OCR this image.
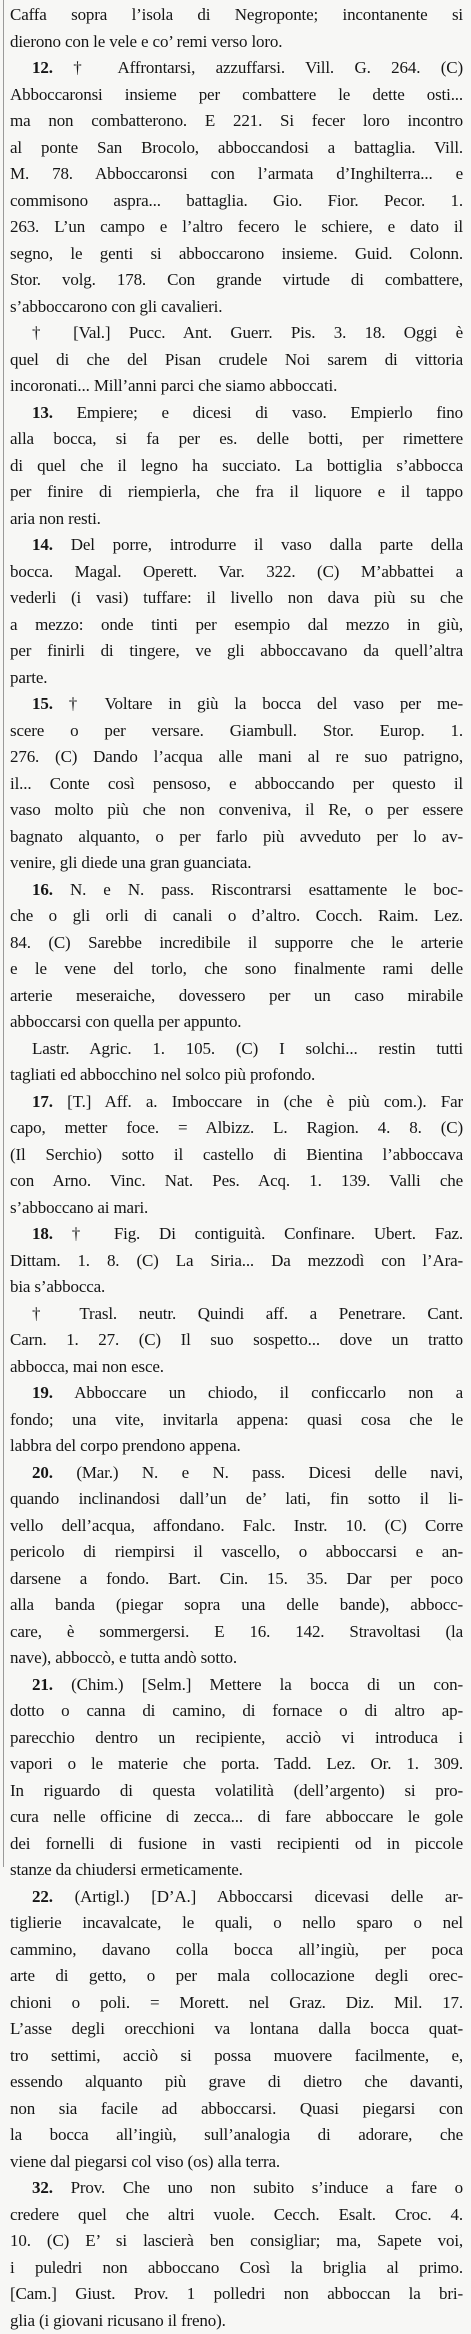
Caffa sopra l’isola di Negroponte; incontanente si
dierono con le vele e co’ remi verso loro.
12. † Affrontarsi, azzuffarsi. Vill. G. 264. (C)
Abboccaronsi insieme per combattere le dette osti...
ma non combatterono. E 221. Si fecer loro incontro
al ponte San Brocolo, abboccandosi a battaglia. Vill.
M. 78. Abboccaronsi con l’armata d’Inghilterra... e
commisono aspra... battaglia. Gio. Fior. Pecor. 1.
263. L’un campo e l’altro fecero le schiere, e dato il
segno, le genti si abboccarono insieme. Guid. Colonn.
Stor. volg. 178. Con grande virtude di combattere,
s’abboccarono con gli cavalieri.
† [Val.] Pucc. Ant. Guerr. Pis. 3. 18. Oggi è
quel di che del Pisan crudele Noi sarem di vittoria
incoronati... Mill’anni parci che siamo abboccati.
13. Empiere; e dicesi di vaso. Empierlo fino
alla bocca, si fa per es. delle botti, per rimettere
di quel che il legno ha succiato. La bottiglia s’abbocca
per finire di riempierla, che fra il liquore e il tappo
aria non resti.
14. Del porre, introdurre il vaso dalla parte della
bocca. Magal. Operett. Var. 322. (C) M’abbattei a
vederli (i vasi) tuffare: il livello non dava più su che
a mezzo: onde tinti per esempio dal mezzo in giù,
per finirli di tingere, ve gli abboccavano da quell’altra
parte.
15. † Voltare in giù la bocca del vaso per me-
scere o per versare. Giambull. Stor. Europ. 1.
276. (C) Dando l’acqua alle mani al re suo patrigno,
il... Conte così pensoso, e abboccando per questo il
vaso molto più che non conveniva, il Re, o per essere
bagnato alquanto, o per farlo più avveduto per lo av-
venire, gli diede una gran guanciata.
16. N. e N. pass. Riscontrarsi esattamente le boc-
che o gli orli di canali o d’altro. Cocch. Raim. Lez.
84. (C) Sarebbe incredibile il supporre che le arterie
e le vene del torlo, che sono finalmente rami delle
arterie meseraiche, dovessero per un caso mirabile
abboccarsi con quella per appunto.
Lastr. Agric. 1. 105. (C) I solchi... restin tutti
tagliati ed abbocchino nel solco più profondo.
17. [T.] Aff. a. Imboccare in (che è più com.). Far
capo, metter foce. = Albizz. L. Ragion. 4. 8. (C)
(Il Serchio) sotto il castello di Bientina l’abboccava
con Arno. Vinc. Nat. Pes. Acq. 1. 139. Valli che
s’abboccano ai mari.
18. † Fig. Di contiguità. Confinare. Ubert. Faz.
Dittam. 1. 8. (C) La Siria... Da mezzodì con l’Ara-
bia s’abbocca.
† Trasl. neutr. Quindi aff. a Penetrare. Cant.
Carn. 1. 27. (C) Il suo sospetto... dove un tratto
abbocca, mai non esce.
19. Abboccare un chiodo, il conficcarlo non a
fondo; una vite, invitarla appena: quasi cosa che le
labbra del corpo prendono appena.
20. (Mar.) N. e N. pass. Dicesi delle navi,
quando inclinandosi dall’un de’ lati, fin sotto il li-
vello dell’acqua, affondano. Falc. Instr. 10. (C) Corre
pericolo di riempirsi il vascello, o abboccarsi e an-
darsene a fondo. Bart. Cin. 15. 35. Dar per poco
alla banda (piegar sopra una delle bande), abbocc-
care, è sommergersi. E 16. 142. Stravoltasi (la
nave), abboccò, e tutta andò sotto.
21. (Chim.) [Selm.] Mettere la bocca di un con-
dotto o canna di camino, di fornace o di altro ap-
parecchio dentro un recipiente, acciò vi introduca i
vapori o le materie che porta. Tadd. Lez. Or. 1. 309.
In riguardo di questa volatilità (dell’argento) si pro-
cura nelle officine di zecca... di fare abboccare le gole
dei fornelli di fusione in vasti recipienti od in piccole
stanze da chiudersi ermeticamente.
22. (Artigl.) [D’A.] Abboccarsi dicevasi delle ar-
tiglierie incavalcate, le quali, o nello sparo o nel
cammino, davano colla bocca all’ingiù, per poca
arte di getto, o per mala collocazione degli orec-
chioni o poli. = Morett. nel Graz. Diz. Mil. 17.
L’asse degli orecchioni va lontana dalla bocca quat-
tro settimi, acciò si possa muovere facilmente, e,
essendo alquanto più grave di dietro che davanti,
non sia facile ad abboccarsi. Quasi piegarsi con
la bocca all’ingiù, sull’analogia di adorare, che
viene dal piegarsi col viso (os) alla terra.
32. Prov. Che uno non subito s’induce a fare o
credere quel che altri vuole. Cecch. Esalt. Croc. 4.
10. (C) E’ si lascierà ben consigliar; ma, Sapete voi,
i puledri non abboccano Così la briglia al primo.
[Cam.] Giust. Prov. 1 polledri non abboccan la bri-
glia (i giovani ricusano il freno).
